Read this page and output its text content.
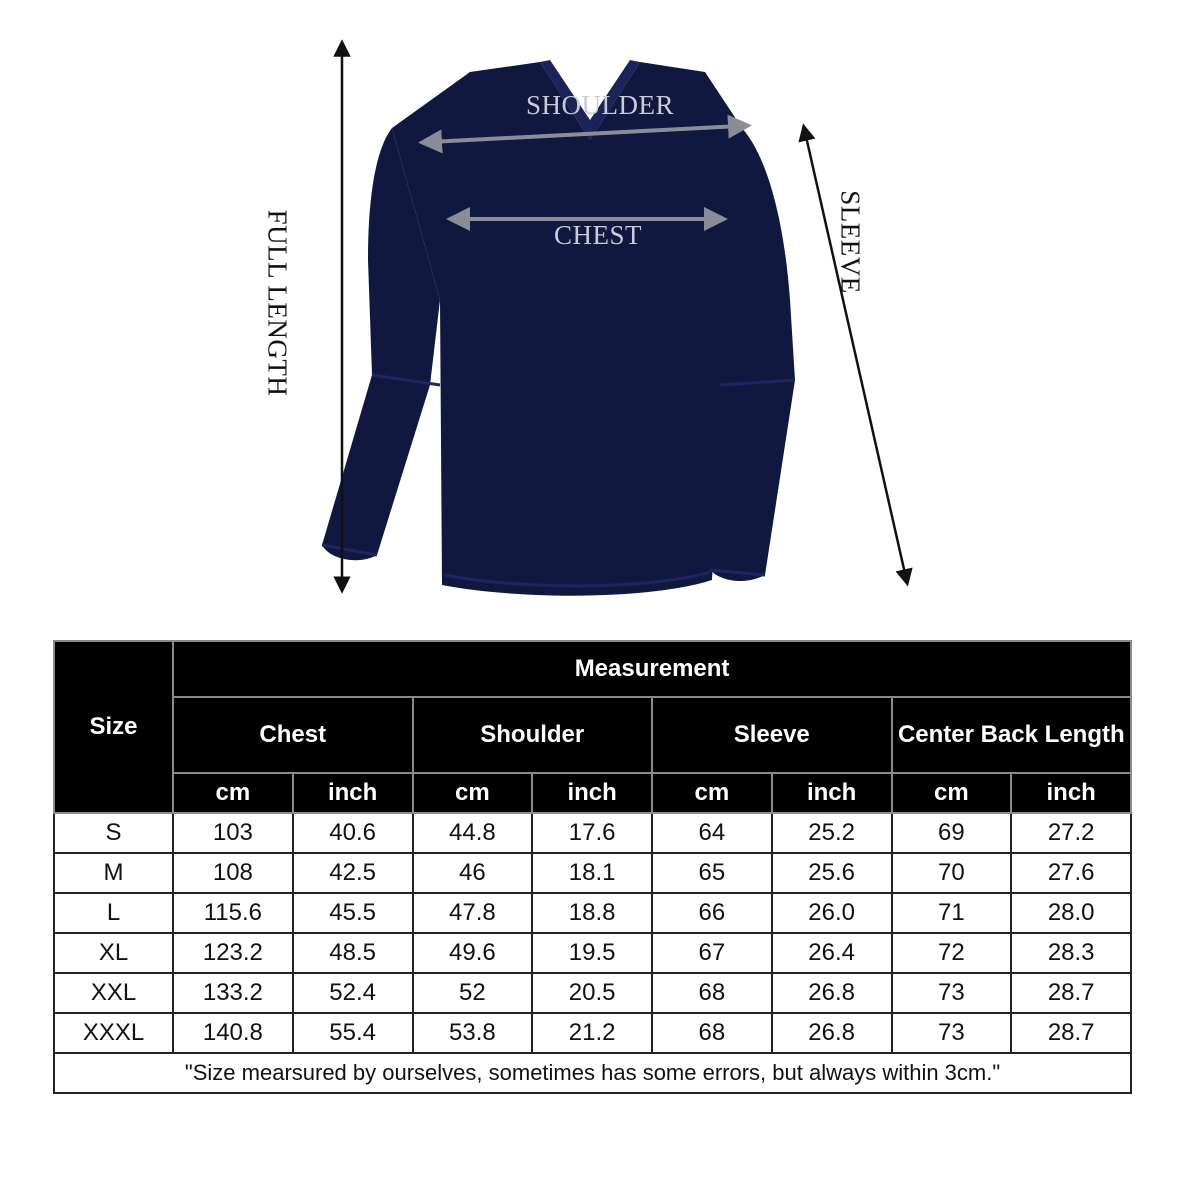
SHOULDER
CHEST
FULL LENGTH	SLEEVE
Size	Measurement							
	Chest		Shoulder		Sleeve		Center Back Length	
	cm	inch	cm	inch	cm	inch	cm	inch
S	103	40.6	44.8	17.6	64	25.2	69	27.2
M	108	42.5	46	18.1	65	25.6	70	27.6
L	115.6	45.5	47.8	18.8	66	26.0	71	28.0
XL	123.2	48.5	49.6	19.5	67	26.4	72	28.3
XXL	133.2	52.4	52	20.5	68	26.8	73	28.7
XXXL	140.8	55.4	53.8	21.2	68	26.8	73	28.7
"Size mearsured by ourselves, sometimes has some errors, but always within 3cm."								
